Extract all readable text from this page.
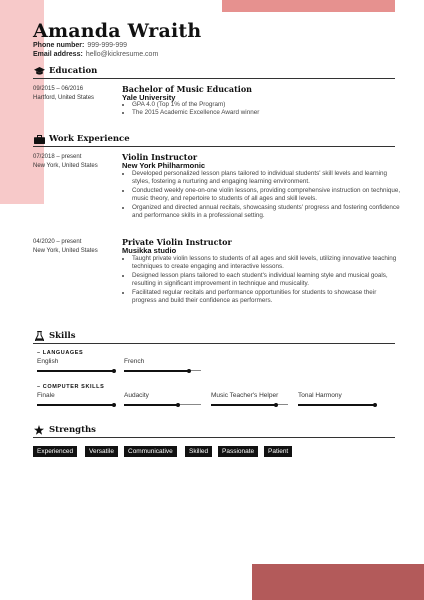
Amanda Wraith
Phone number: 999-999-999
Email address: hello@kickresume.com
Education
09/2015 – 06/2016
Hartford, United States
Bachelor of Music Education
Yale University
• GPA 4.0 (Top 1% of the Program)
• The 2015 Academic Excellence Award winner
Work Experience
07/2018 – present
New York, United States
Violin Instructor
New York Philharmonic
• Developed personalized lesson plans tailored to individual students' skill levels and learning styles, fostering a nurturing and engaging learning environment.
• Conducted weekly one-on-one violin lessons, providing comprehensive instruction on technique, music theory, and repertoire to students of all ages and skill levels.
• Organized and directed annual recitals, showcasing students' progress and fostering confidence and performance skills in a professional setting.
04/2020 – present
New York, United States
Private Violin Instructor
Musikka studio
• Taught private violin lessons to students of all ages and skill levels, utilizing innovative teaching techniques to create engaging and interactive lessons.
• Designed lesson plans tailored to each student's individual learning style and musical goals, resulting in significant improvement in technique and musicality.
• Facilitated regular recitals and performance opportunities for students to showcase their progress and build their confidence as performers.
Skills
– LANGUAGES
English	French
– COMPUTER SKILLS
Finale	Audacity	Music Teacher's Helper	Tonal Harmony
Strengths
Experienced	Versatile	Communicative	Skilled	Passionate	Patient
